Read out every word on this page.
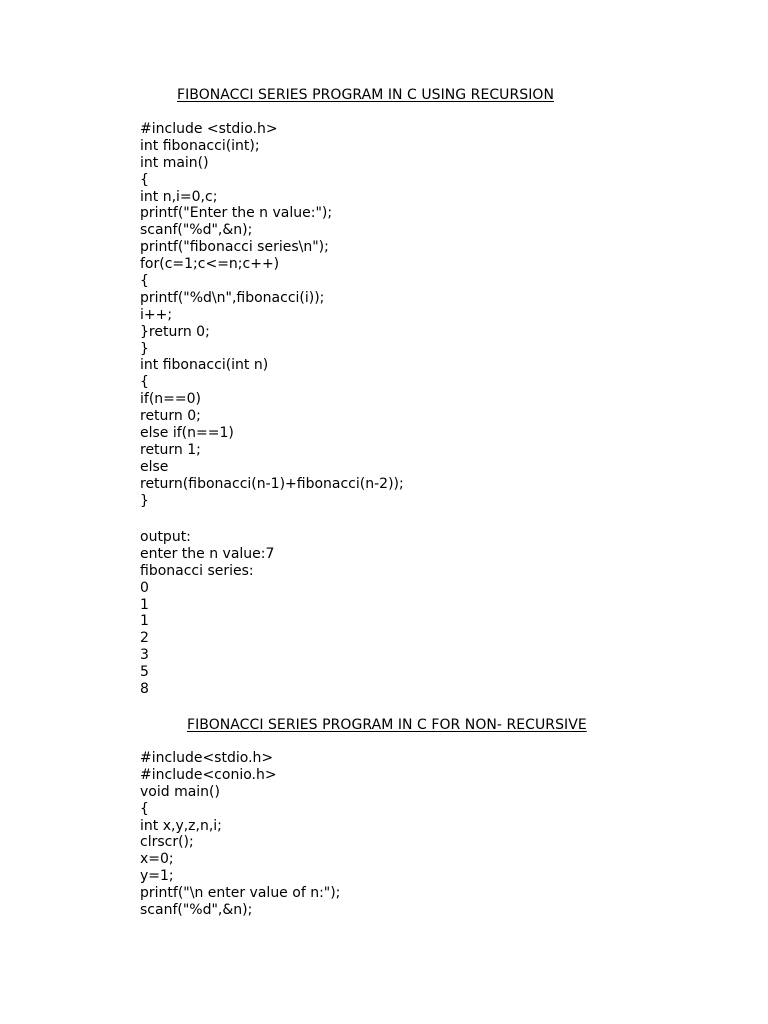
FIBONACCI SERIES PROGRAM IN C USING RECURSION
#include <stdio.h>
int fibonacci(int);
int main()
{
int n,i=0,c;
printf("Enter the n value:");
scanf("%d",&n);
printf("fibonacci series\n");
for(c=1;c<=n;c++)
{
printf("%d\n",fibonacci(i));
i++;
}return 0;
}
int fibonacci(int n)
{
if(n==0)
return 0;
else if(n==1)
return 1;
else
return(fibonacci(n-1)+fibonacci(n-2));
}
output:
enter the n value:7
fibonacci series:
0
1
1
2
3
5
8
FIBONACCI SERIES PROGRAM IN C FOR NON- RECURSIVE
#include<stdio.h>
#include<conio.h>
void main()
{
int x,y,z,n,i;
clrscr();
x=0;
y=1;
printf("\n enter value of n:");
scanf("%d",&n);
